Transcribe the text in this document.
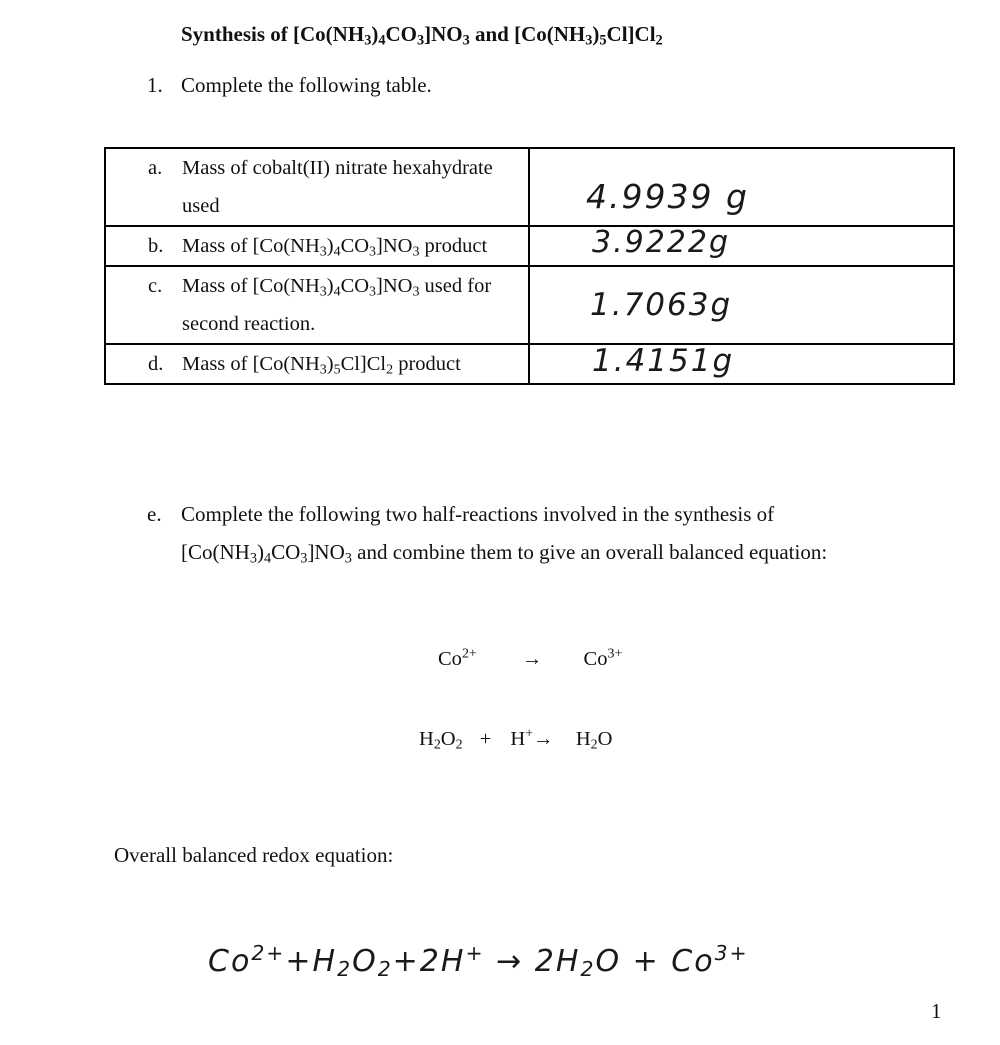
Synthesis of $[Co(NH_3)_4CO_3]NO_3$ and $[Co(NH_3)_5Cl]Cl_2$
1. Complete the following table.
a. Mass of cobalt(II) nitrate hexahydrate
used	4.9939 g

b. Mass of $[Co(NH_3)_4CO_3]NO_3$ product	3.9222g

c. Mass of $[Co(NH_3)_4CO_3]NO_3$ used for
second reaction.	1.7063g

d. Mass of $[Co(NH_3)_5Cl]Cl_2$ product	1.4151g
e. Complete the following two half-reactions involved in the synthesis of
$[Co(NH_3)_4CO_3]NO_3$ and combine them to give an overall balanced equation:
$Co^{2+} \to Co^{3+}$
$H_2O_2 + H^+\to H_2O$
Overall balanced redox equation:
$Co^{2+}+H_2O_2+2H^+ \to 2H_2O + Co^{3+}$
1
